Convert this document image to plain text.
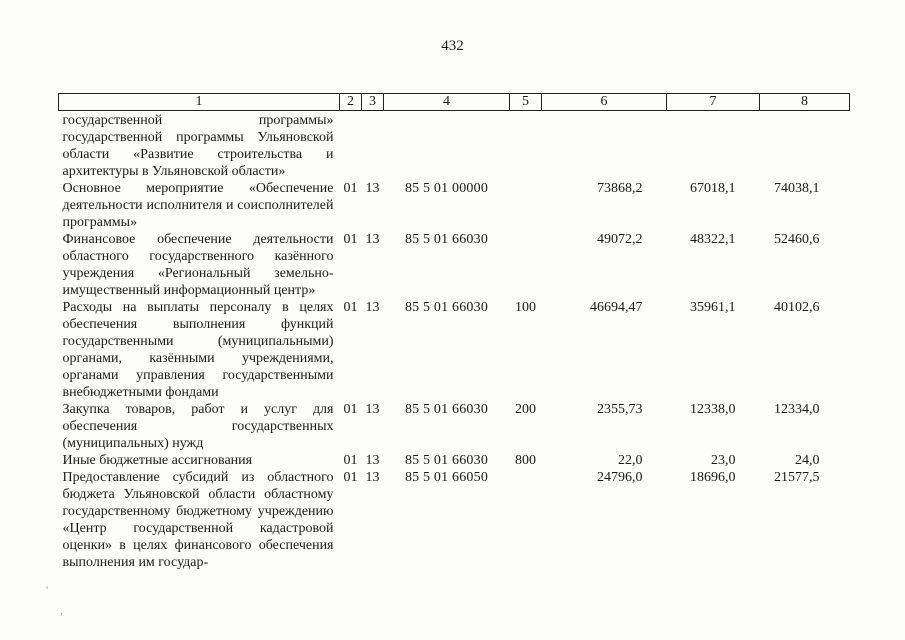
432
1	2	3	4	5	6	7	8
государственной программы» государственной программы Ульяновской области «Развитие строительства и архитектуры в Ульяновской области»							
Основное мероприятие «Обеспечение деятельности исполнителя и соисполнителей программы»	01	13	85 5 01 00000		73868,2	67018,1	74038,1
Финансовое обеспечение деятельности областного государственного казённого учреждения «Региональный земельно-имущественный информационный центр»	01	13	85 5 01 66030		49072,2	48322,1	52460,6
Расходы на выплаты персоналу в целях обеспечения выполнения функций государственными (муниципальными) органами, казёнными учреждениями, органами управления государственными внебюджетными фондами	01	13	85 5 01 66030	100	46694,47	35961,1	40102,6
Закупка товаров, работ и услуг для обеспечения государственных (муниципальных) нужд	01	13	85 5 01 66030	200	2355,73	12338,0	12334,0
Иные бюджетные ассигнования	01	13	85 5 01 66030	800	22,0	23,0	24,0
Предоставление субсидий из областного бюджета Ульяновской области областному государственному бюджетному учреждению «Центр государственной кадастровой оценки» в целях финансового обеспечения выполнения им государ-	01	13	85 5 01 66050		24796,0	18696,0	21577,5
'
,
